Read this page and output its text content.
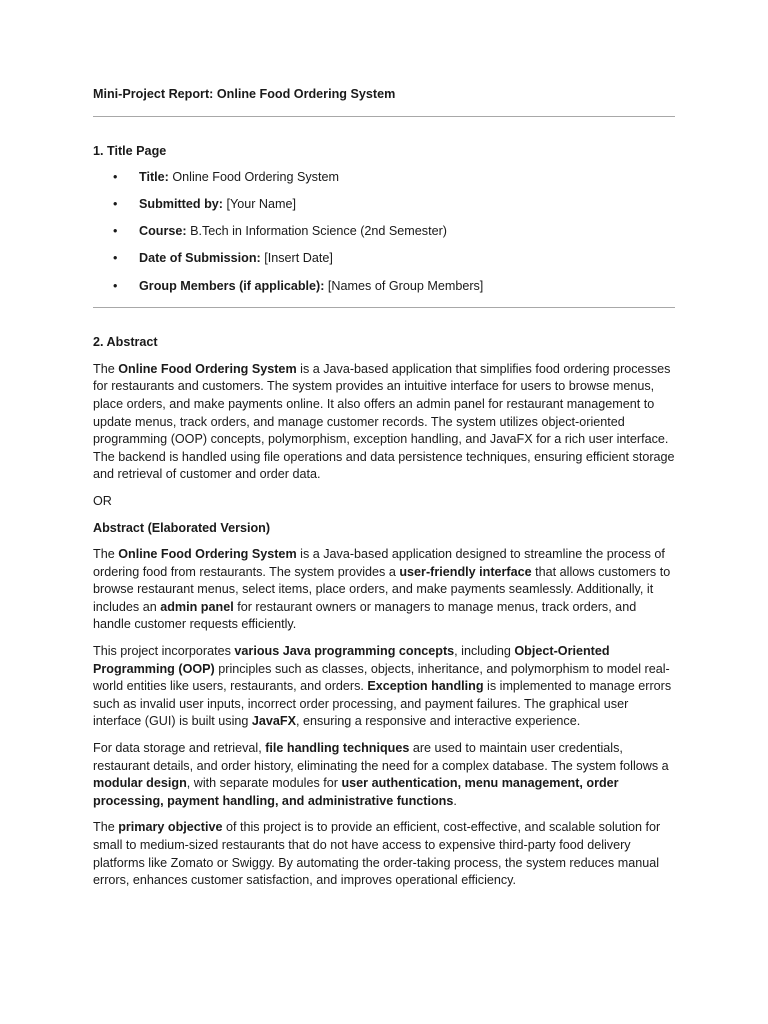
Mini-Project Report: Online Food Ordering System

1. Title Page

• Title: Online Food Ordering System
• Submitted by: [Your Name]
• Course: B.Tech in Information Science (2nd Semester)
• Date of Submission: [Insert Date]
• Group Members (if applicable): [Names of Group Members]

2. Abstract

The Online Food Ordering System is a Java-based application that simplifies food ordering processes for restaurants and customers. The system provides an intuitive interface for users to browse menus, place orders, and make payments online. It also offers an admin panel for restaurant management to update menus, track orders, and manage customer records. The system utilizes object-oriented programming (OOP) concepts, polymorphism, exception handling, and JavaFX for a rich user interface. The backend is handled using file operations and data persistence techniques, ensuring efficient storage and retrieval of customer and order data.

OR

Abstract (Elaborated Version)

The Online Food Ordering System is a Java-based application designed to streamline the process of ordering food from restaurants. The system provides a user-friendly interface that allows customers to browse restaurant menus, select items, place orders, and make payments seamlessly. Additionally, it includes an admin panel for restaurant owners or managers to manage menus, track orders, and handle customer requests efficiently.

This project incorporates various Java programming concepts, including Object-Oriented Programming (OOP) principles such as classes, objects, inheritance, and polymorphism to model real-world entities like users, restaurants, and orders. Exception handling is implemented to manage errors such as invalid user inputs, incorrect order processing, and payment failures. The graphical user interface (GUI) is built using JavaFX, ensuring a responsive and interactive experience.

For data storage and retrieval, file handling techniques are used to maintain user credentials, restaurant details, and order history, eliminating the need for a complex database. The system follows a modular design, with separate modules for user authentication, menu management, order processing, payment handling, and administrative functions.

The primary objective of this project is to provide an efficient, cost-effective, and scalable solution for small to medium-sized restaurants that do not have access to expensive third-party food delivery platforms like Zomato or Swiggy. By automating the order-taking process, the system reduces manual errors, enhances customer satisfaction, and improves operational efficiency.
